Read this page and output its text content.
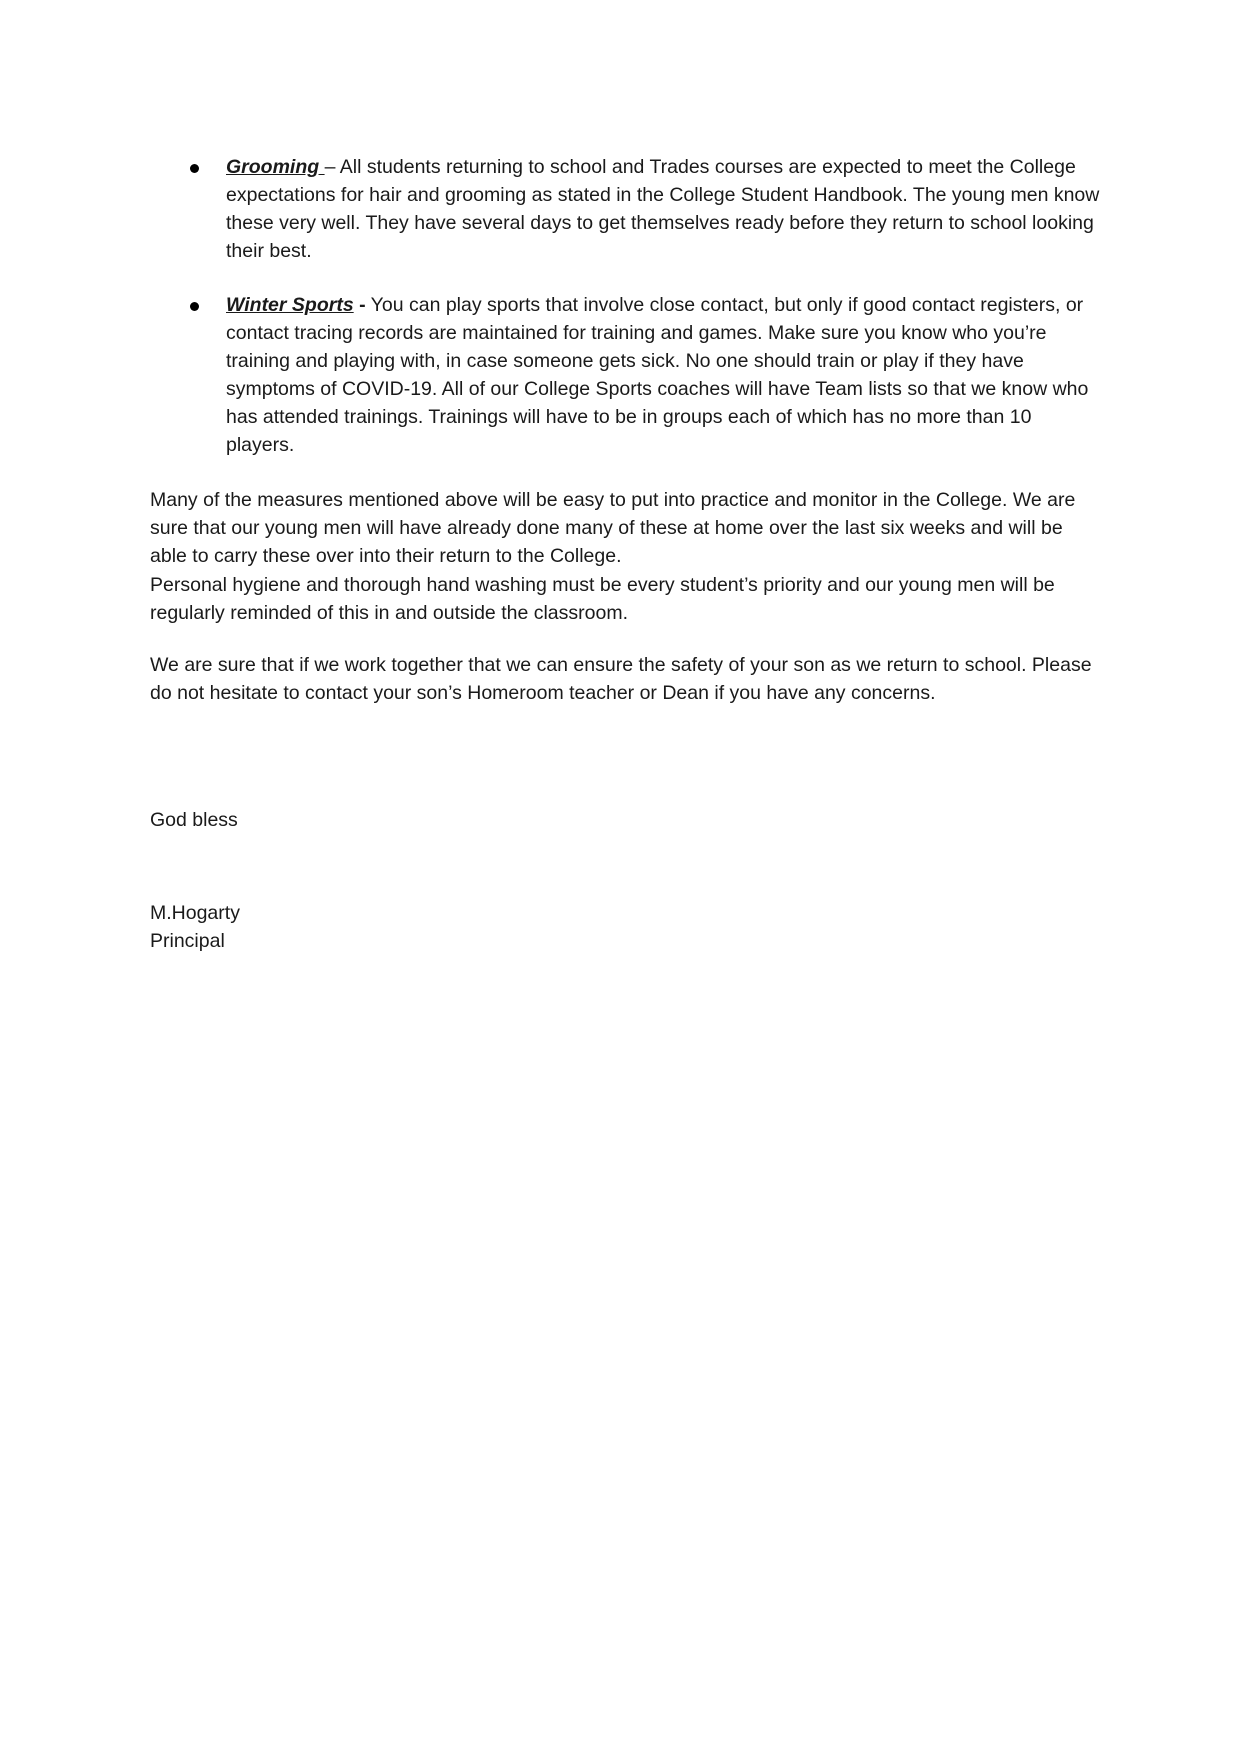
Grooming – All students returning to school and Trades courses are expected to meet the College expectations for hair and grooming as stated in the College Student Handbook. The young men know these very well. They have several days to get themselves ready before they return to school looking their best.
Winter Sports - You can play sports that involve close contact, but only if good contact registers, or contact tracing records are maintained for training and games. Make sure you know who you’re training and playing with, in case someone gets sick. No one should train or play if they have symptoms of COVID-19. All of our College Sports coaches will have Team lists so that we know who has attended trainings. Trainings will have to be in groups each of which has no more than 10 players.

Many of the measures mentioned above will be easy to put into practice and monitor in the College. We are sure that our young men will have already done many of these at home over the last six weeks and will be able to carry these over into their return to the College.

Personal hygiene and thorough hand washing must be every student’s priority and our young men will be regularly reminded of this in and outside the classroom.

We are sure that if we work together that we can ensure the safety of your son as we return to school. Please do not hesitate to contact your son’s Homeroom teacher or Dean if you have any concerns.

God bless

M.Hogarty
Principal
